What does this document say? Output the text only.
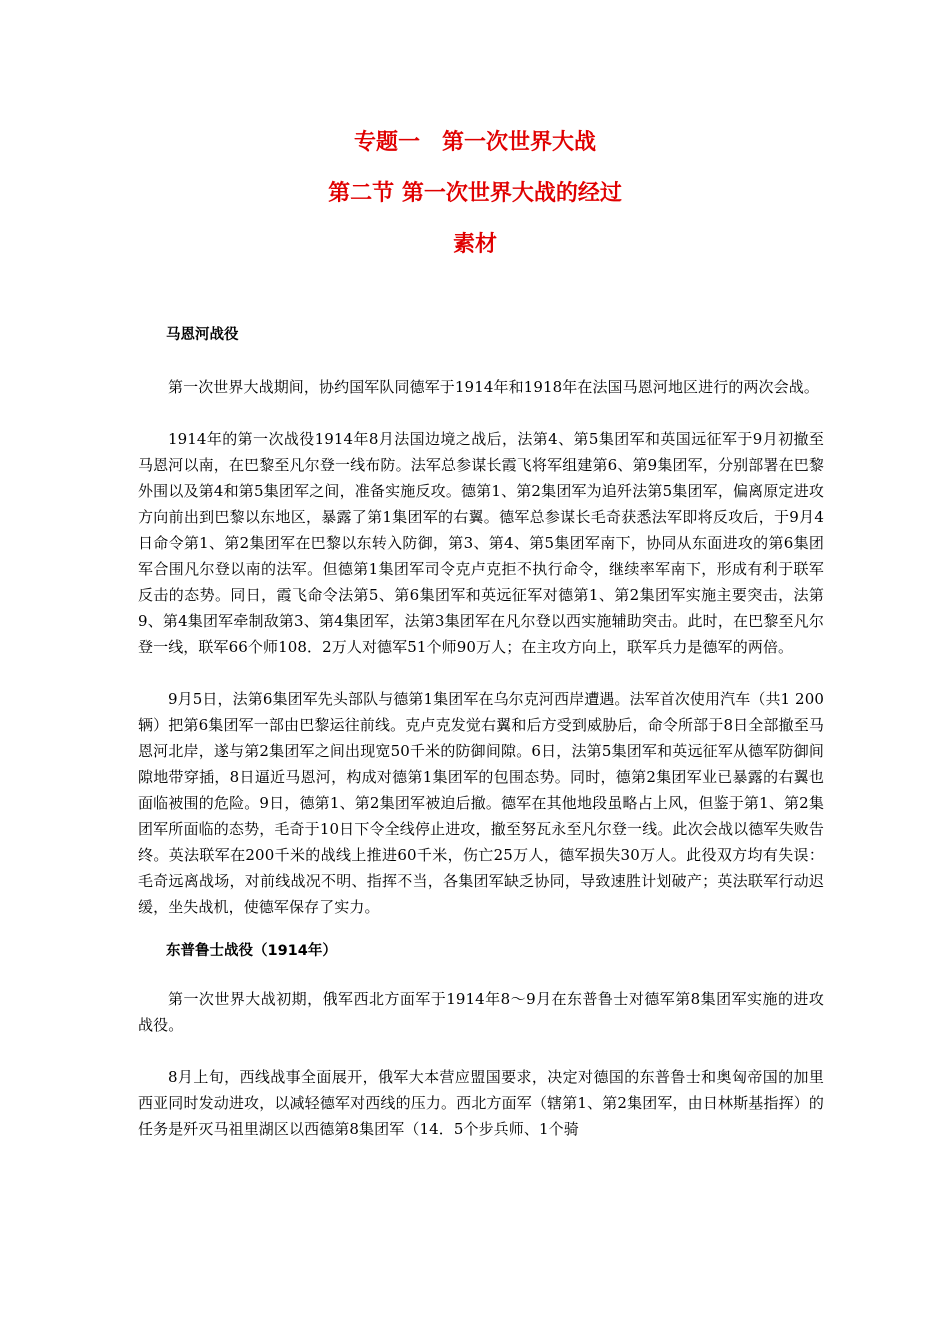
专题一　第一次世界大战

第二节 第一次世界大战的经过

素材

马恩河战役

第一次世界大战期间，协约国军队同德军于1914年和1918年在法国马恩河地区进行的两次会战。

1914年的第一次战役1914年8月法国边境之战后，法第4、第5集团军和英国远征军于9月初撤至马恩河以南，在巴黎至凡尔登一线布防。法军总参谋长霞飞将军组建第6、第9集团军，分别部署在巴黎外围以及第4和第5集团军之间，准备实施反攻。德第1、第2集团军为追歼法第5集团军，偏离原定进攻方向前出到巴黎以东地区，暴露了第1集团军的右翼。德军总参谋长毛奇获悉法军即将反攻后，于9月4日命令第1、第2集团军在巴黎以东转入防御，第3、第4、第5集团军南下，协同从东面进攻的第6集团军合围凡尔登以南的法军。但德第1集团军司令克卢克拒不执行命令，继续率军南下，形成有利于联军反击的态势。同日，霞飞命令法第5、第6集团军和英远征军对德第1、第2集团军实施主要突击，法第9、第4集团军牵制敌第3、第4集团军，法第3集团军在凡尔登以西实施辅助突击。此时，在巴黎至凡尔登一线，联军66个师108．2万人对德军51个师90万人；在主攻方向上，联军兵力是德军的两倍。

9月5日，法第6集团军先头部队与德第1集团军在乌尔克河西岸遭遇。法军首次使用汽车（共1 200辆）把第6集团军一部由巴黎运往前线。克卢克发觉右翼和后方受到威胁后，命令所部于8日全部撤至马恩河北岸，遂与第2集团军之间出现宽50千米的防御间隙。6日，法第5集团军和英远征军从德军防御间隙地带穿插，8日逼近马恩河，构成对德第1集团军的包围态势。同时，德第2集团军业已暴露的右翼也面临被围的危险。9日，德第1、第2集团军被迫后撤。德军在其他地段虽略占上风，但鉴于第1、第2集团军所面临的态势，毛奇于10日下令全线停止进攻，撤至努瓦永至凡尔登一线。此次会战以德军失败告终。英法联军在200千米的战线上推进60千米，伤亡25万人，德军损失30万人。此役双方均有失误：毛奇远离战场，对前线战况不明、指挥不当，各集团军缺乏协同，导致速胜计划破产；英法联军行动迟缓，坐失战机，使德军保存了实力。

东普鲁士战役（1914年）

第一次世界大战初期，俄军西北方面军于1914年8～9月在东普鲁士对德军第8集团军实施的进攻战役。

8月上旬，西线战事全面展开，俄军大本营应盟国要求，决定对德国的东普鲁士和奥匈帝国的加里西亚同时发动进攻，以减轻德军对西线的压力。西北方面军（辖第1、第2集团军，由日林斯基指挥）的任务是歼灭马祖里湖区以西德第8集团军（14．5个步兵师、1个骑
